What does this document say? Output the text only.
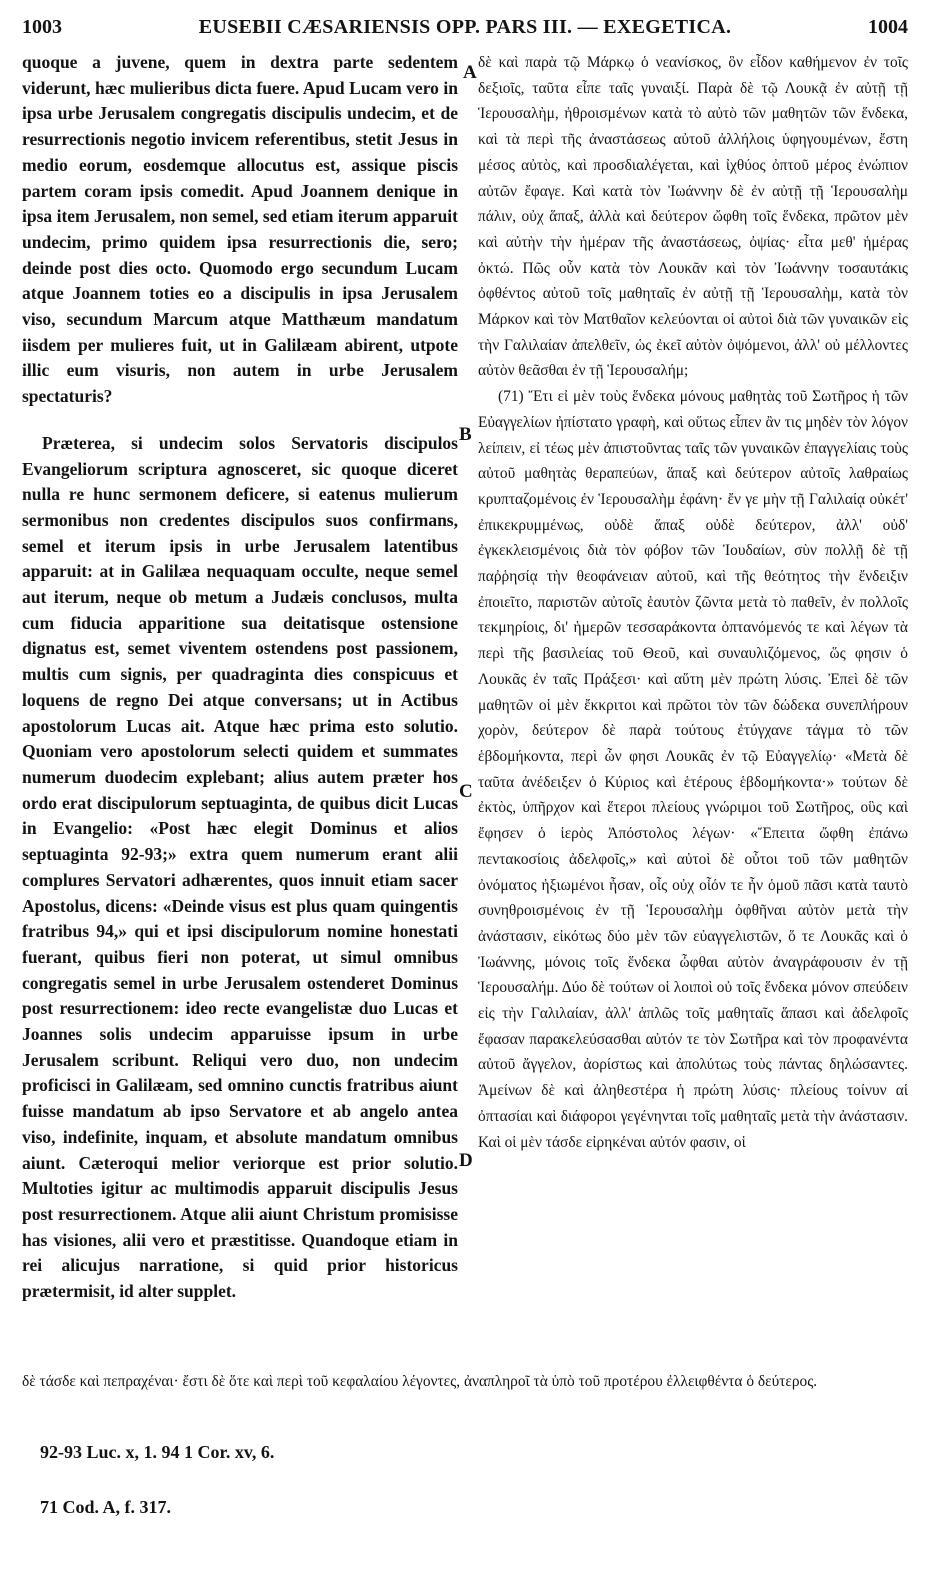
1003	EUSEBII CÆSARIENSIS OPP. PARS III. — EXEGETICA.	1004

quoque a juvene, quem in dextra parte sedentem viderunt, hæc mulieribus dicta fuere. Apud Lucam vero in ipsa urbe Jerusalem congregatis discipulis undecim, et de resurrectionis negotio invicem referentibus, stetit Jesus in medio eorum, eosdemque allocutus est, assique piscis partem coram ipsis comedit. Apud Joannem denique in ipsa item Jerusalem, non semel, sed etiam iterum apparuit undecim, primo quidem ipsa resurrectionis die, sero; deinde post dies octo. Quomodo ergo secundum Lucam atque Joannem toties eo a discipulis in ipsa Jerusalem viso, secundum Marcum atque Matthæum mandatum iisdem per mulieres fuit, ut in Galilæam abirent, utpote illic eum visuris, non autem in urbe Jerusalem spectaturis?

Præterea, si undecim solos Servatoris discipulos Evangeliorum scriptura agnosceret, sic quoque diceret nulla re hunc sermonem deficere, si eatenus mulierum sermonibus non credentes discipulos suos confirmans, semel et iterum ipsis in urbe Jerusalem latentibus apparuit: at in Galilæa nequaquam occulte, neque semel aut iterum, neque ob metum a Judæis conclusos, multa cum fiducia apparitione sua deitatisque ostensione dignatus est, semet viventem ostendens post passionem, multis cum signis, per quadraginta dies conspicuus et loquens de regno Dei atque conversans; ut in Actibus apostolorum Lucas ait. Atque hæc prima esto solutio. Quoniam vero apostolorum selecti quidem et summates numerum duodecim explebant; alius autem præter hos ordo erat discipulorum septuaginta, de quibus dicit Lucas in Evangelio: «Post hæc elegit Dominus et alios septuaginta 92-93;» extra quem numerum erant alii complures Servatori adhærentes, quos innuit etiam sacer Apostolus, dicens: «Deinde visus est plus quam quingentis fratribus 94,» qui et ipsi discipulorum nomine honestati fuerant, quibus fieri non poterat, ut simul omnibus congregatis semel in urbe Jerusalem ostenderet Dominus post resurrectionem: ideo recte evangelistæ duo Lucas et Joannes solis undecim apparuisse ipsum in urbe Jerusalem scribunt. Reliqui vero duo, non undecim proficisci in Galilæam, sed omnino cunctis fratribus aiunt fuisse mandatum ab ipso Servatore et ab angelo antea viso, indefinite, inquam, et absolute mandatum omnibus aiunt. Cæteroqui melior veriorque est prior solutio. Multoties igitur ac multimodis apparuit discipulis Jesus post resurrectionem. Atque alii aiunt Christum promisisse has visiones, alii vero et præstitisse. Quandoque etiam in rei alicujus narratione, si quid prior historicus prætermisit, id alter supplet.

δὲ καὶ παρὰ τῷ Μάρκῳ ὁ νεανίσκος, ὃν εἶδον καθήμενον ἐν τοῖς δεξιοῖς, ταῦτα εἶπε ταῖς γυναιξί. Παρὰ δὲ τῷ Λουκᾷ ἐν αὐτῇ τῇ Ἱερουσαλὴμ, ἠθροισμένων κατὰ τὸ αὐτὸ τῶν μαθητῶν τῶν ἕνδεκα, καὶ τὰ περὶ τῆς ἀναστάσεως αὐτοῦ ἀλλήλοις ὑφηγουμένων, ἔστη μέσος αὐτὸς, καὶ προσδιαλέγεται, καὶ ἰχθύος ὀπτοῦ μέρος ἐνώπιον αὐτῶν ἔφαγε. Καὶ κατὰ τὸν Ἰωάννην δὲ ἐν αὐτῇ τῇ Ἱερουσαλὴμ πάλιν, οὐχ ἅπαξ, ἀλλὰ καὶ δεύτερον ὤφθη τοῖς ἕνδεκα, πρῶτον μὲν καὶ αὐτὴν τὴν ἡμέραν τῆς ἀναστάσεως, ὀψίας· εἶτα μεθ' ἡμέρας ὀκτώ. Πῶς οὖν κατὰ τὸν Λουκᾶν καὶ τὸν Ἰωάννην τοσαυτάκις ὀφθέντος αὐτοῦ τοῖς μαθηταῖς ἐν αὐτῇ τῇ Ἱερουσαλὴμ, κατὰ τὸν Μάρκον καὶ τὸν Ματθαῖον κελεύονται οἱ αὐτοὶ διὰ τῶν γυναικῶν εἰς τὴν Γαλιλαίαν ἀπελθεῖν, ὡς ἐκεῖ αὐτὸν ὀψόμενοι, ἀλλ' οὐ μέλλοντες αὐτὸν θεᾶσθαι ἐν τῇ Ἱερουσαλήμ;

(71) Ἔτι εἰ μὲν τοὺς ἕνδεκα μόνους μαθητὰς τοῦ Σωτῆρος ἡ τῶν Εὐαγγελίων ἠπίστατο γραφὴ, καὶ οὕτως εἶπεν ἂν τις μηδὲν τὸν λόγον λείπειν, εἰ τέως μὲν ἀπιστοῦντας ταῖς τῶν γυναικῶν ἐπαγγελίαις τοὺς αὐτοῦ μαθητὰς θεραπεύων, ἅπαξ καὶ δεύτερον αὐτοῖς λαθραίως κρυπταζομένοις ἐν Ἱερουσαλὴμ ἐφάνη· ἔν γε μὴν τῇ Γαλιλαίᾳ οὐκέτ' ἐπικεκρυμμένως, οὐδὲ ἅπαξ οὐδὲ δεύτερον, ἀλλ' οὐδ' ἐγκεκλεισμένοις διὰ τὸν φόβον τῶν Ἰουδαίων, σὺν πολλῇ δὲ τῇ παῤῥησίᾳ τὴν θεοφάνειαν αὐτοῦ, καὶ τῆς θεότητος τὴν ἔνδειξιν ἐποιεῖτο, παριστῶν αὐτοῖς ἑαυτὸν ζῶντα μετὰ τὸ παθεῖν, ἐν πολλοῖς τεκμηρίοις, δι' ἡμερῶν τεσσαράκοντα ὀπτανόμενός τε καὶ λέγων τὰ περὶ τῆς βασιλείας τοῦ Θεοῦ, καὶ συναυλιζόμενος, ὥς φησιν ὁ Λουκᾶς ἐν ταῖς Πράξεσι· καὶ αὕτη μὲν πρώτη λύσις. Ἐπεὶ δὲ τῶν μαθητῶν οἱ μὲν ἔκκριτοι καὶ πρῶτοι τὸν τῶν δώδεκα συνεπλήρουν χορὸν, δεύτερον δὲ παρὰ τούτους ἐτύγχανε τάγμα τὸ τῶν ἑβδομήκοντα, περὶ ὧν φησι Λουκᾶς ἐν τῷ Εὐαγγελίῳ· «Μετὰ δὲ ταῦτα ἀνέδειξεν ὁ Κύριος καὶ ἑτέρους ἑβδομήκοντα·» τούτων δὲ ἐκτὸς, ὑπῆρχον καὶ ἕτεροι πλείους γνώριμοι τοῦ Σωτῆρος, οὓς καὶ ἔφησεν ὁ ἱερὸς Ἀπόστολος λέγων· «Ἔπειτα ὤφθη ἐπάνω πεντακοσίοις ἀδελφοῖς,» καὶ αὐτοὶ δὲ οὗτοι τοῦ τῶν μαθητῶν ὀνόματος ἠξιωμένοι ἦσαν, οἷς οὐχ οἷόν τε ἦν ὁμοῦ πᾶσι κατὰ ταυτὸ συνηθροισμένοις ἐν τῇ Ἱερουσαλὴμ ὀφθῆναι αὐτὸν μετὰ τὴν ἀνάστασιν, εἰκότως δύο μὲν τῶν εὐαγγελιστῶν, ὅ τε Λουκᾶς καὶ ὁ Ἰωάννης, μόνοις τοῖς ἕνδεκα ὦφθαι αὐτὸν ἀναγράφουσιν ἐν τῇ Ἱερουσαλήμ. Δύο δὲ τούτων οἱ λοιποὶ οὐ τοῖς ἕνδεκα μόνον σπεύδειν εἰς τὴν Γαλιλαίαν, ἀλλ' ἁπλῶς τοῖς μαθηταῖς ἅπασι καὶ ἀδελφοῖς ἔφασαν παρακελεύσασθαι αὐτόν τε τὸν Σωτῆρα καὶ τὸν προφανέντα αὐτοῦ ἄγγελον, ἀορίστως καὶ ἀπολύτως τοὺς πάντας δηλώσαντες. Ἀμείνων δὲ καὶ ἀληθεστέρα ἡ πρώτη λύσις· πλείους τοίνυν αἱ ὀπτασίαι καὶ διάφοροι γεγένηνται τοῖς μαθηταῖς μετὰ τὴν ἀνάστασιν. Καὶ οἱ μὲν τάσδε εἰρηκέναι αὐτόν φασιν, οἱ

A
B
C
D

δὲ τάσδε καὶ πεπραχέναι· ἔστι δὲ ὅτε καὶ περὶ τοῦ κεφαλαίου λέγοντες, ἀναπληροῖ τὰ ὑπὸ τοῦ προτέρου ἐλλειφθέντα ὁ δεύτερος.

92-93 Luc. x, 1. 94 1 Cor. xv, 6.
71 Cod. A, f. 317.
